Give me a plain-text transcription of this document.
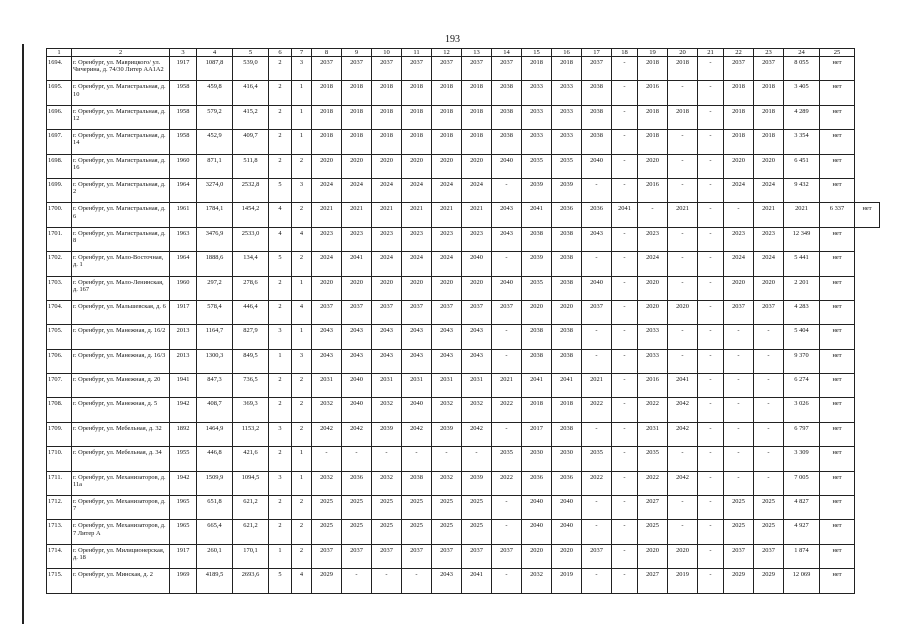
193
1	2	3	4	5	6	7	8	9	10	11	12	13	14	15	16	17	18	19	20	21	22	23	24	25	
1694.	г. Оренбург, ул. Маврицкого/ ул. Чичерина, д. 74/30 Литер АА1А2	1917	1087,8	539,0	2	3	2037	2037	2037	2037	2037	2037	2037	2018	2018	2037	-	2018	2018	-	2037	2037	8 055	нет	
1695.	г. Оренбург, ул. Магистральная, д. 10	1958	459,8	416,4	2	1	2018	2018	2018	2018	2018	2018	2038	2033	2033	2038	-	2016	-	-	2018	2018	3 405	нет	
1696.	г. Оренбург, ул. Магистральная, д. 12	1958	579,2	415,2	2	1	2018	2018	2018	2018	2018	2018	2038	2033	2033	2038	-	2018	2018	-	2018	2018	4 289	нет	
1697.	г. Оренбург, ул. Магистральная, д. 14	1958	452,9	409,7	2	1	2018	2018	2018	2018	2018	2018	2038	2033	2033	2038	-	2018	-	-	2018	2018	3 354	нет	
1698.	г. Оренбург, ул. Магистральная, д. 16	1960	871,1	511,8	2	2	2020	2020	2020	2020	2020	2020	2040	2035	2035	2040	-	2020	-	-	2020	2020	6 451	нет	
1699.	г. Оренбург, ул. Магистральная, д. 2	1964	3274,0	2532,8	5	3	2024	2024	2024	2024	2024	2024	-	2039	2039	-	-	2016	-	-	2024	2024	9 432	нет	
1700.	г. Оренбург, ул. Магистральная, д. 6	1961	1784,1	1454,2	4	2	2021	2021	2021	2021	2021	2021	2043	2041	2036	2036	2041	-	2021	-	-	2021	2021	6 337	нет
1701.	г. Оренбург, ул. Магистральная, д. 8	1963	3476,9	2533,0	4	4	2023	2023	2023	2023	2023	2023	2043	2038	2038	2043	-	2023	-	-	2023	2023	12 349	нет	
1702.	г. Оренбург, ул. Мало-Восточная, д. 1	1964	1888,6	134,4	5	2	2024	2041	2024	2024	2024	2040	-	2039	2038	-	-	2024	-	-	2024	2024	5 441	нет	
1703.	г. Оренбург, ул. Мало-Ленинская, д. 167	1960	297,2	278,6	2	1	2020	2020	2020	2020	2020	2020	2040	2035	2038	2040	-	2020	-	-	2020	2020	2 201	нет	
1704.	г. Оренбург, ул. Мальшевская, д. 6	1917	578,4	446,4	2	4	2037	2037	2037	2037	2037	2037	2037	2020	2020	2037	-	2020	2020	-	2037	2037	4 283	нет	
1705.	г. Оренбург, ул. Манежная, д. 16/2	2013	1164,7	827,9	3	1	2043	2043	2043	2043	2043	2043	-	2038	2038	-	-	2033	-	-	-	-	5 404	нет	
1706.	г. Оренбург, ул. Манежная, д. 16/3	2013	1300,3	849,5	1	3	2043	2043	2043	2043	2043	2043	-	2038	2038	-	-	2033	-	-	-	-	9 370	нет	
1707.	г. Оренбург, ул. Манежная, д. 20	1941	847,3	736,5	2	2	2031	2040	2031	2031	2031	2031	2021	2041	2041	2021	-	2016	2041	-	-	-	6 274	нет	
1708.	г. Оренбург, ул. Манежная, д. 5	1942	408,7	369,3	2	2	2032	2040	2032	2040	2032	2032	2022	2018	2018	2022	-	2022	2042	-	-	-	3 026	нет	
1709.	г. Оренбург, ул. Мебельная, д. 32	1892	1464,9	1153,2	3	2	2042	2042	2039	2042	2039	2042	-	2017	2038	-	-	2031	2042	-	-	-	6 797	нет	
1710.	г. Оренбург, ул. Мебельная, д. 34	1955	446,8	421,6	2	1	-	-	-	-	-	-	2035	2030	2030	2035	-	2035	-	-	-	-	3 309	нет	
1711.	г. Оренбург, ул. Механизаторов, д. 11а	1942	1509,9	1094,5	3	1	2032	2036	2032	2038	2032	2039	2022	2036	2036	2022	-	2022	2042	-	-	-	7 005	нет	
1712.	г. Оренбург, ул. Механизаторов, д. 7	1965	651,8	621,2	2	2	2025	2025	2025	2025	2025	2025	-	2040	2040	-	-	2027	-	-	2025	2025	4 827	нет	
1713.	г. Оренбург, ул. Механизаторов, д. 7 Литер А	1965	665,4	621,2	2	2	2025	2025	2025	2025	2025	2025	-	2040	2040	-	-	2025	-	-	2025	2025	4 927	нет	
1714.	г. Оренбург, ул. Милиционерская, д. 18	1917	260,1	170,1	1	2	2037	2037	2037	2037	2037	2037	2037	2020	2020	2037	-	2020	2020	-	2037	2037	1 874	нет	
1715.	г. Оренбург, ул. Минская, д. 2	1969	4189,5	2693,6	5	4	2029	-	-	-	2043	2041	-	2032	2019	-	-	2027	2019	-	2029	2029	12 069	нет	
